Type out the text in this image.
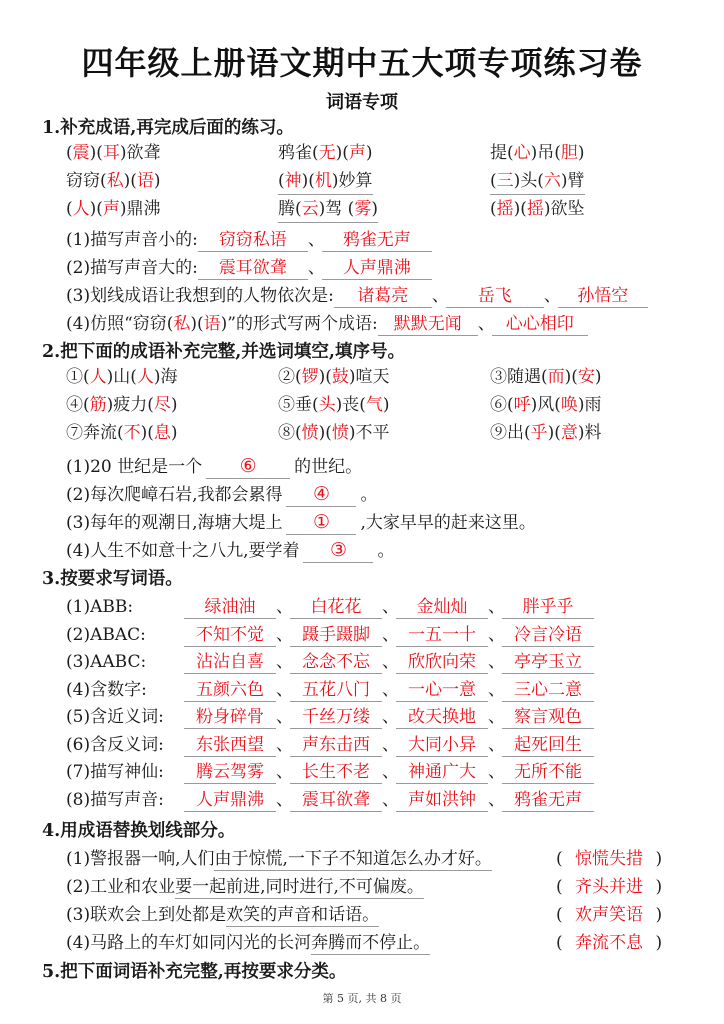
四年级上册语文期中五大项专项练习卷
词语专项
1.补充成语,再完成后面的练习。
(震)(耳)欲聋	鸦雀(无)(声)	提(心)吊(胆)
窃窃(私)(语)	(神)(机)妙算	(三)头(六)臂
(人)(声)鼎沸	腾(云)驾 (雾)	(摇)(摇)欲坠
(1)描写声音小的: 窃窃私语 、 鸦雀无声
(2)描写声音大的: 震耳欲聋 、 人声鼎沸
(3)划线成语让我想到的人物依次是: 诸葛亮 、 岳飞 、 孙悟空
(4)仿照“窃窃(私)(语)”的形式写两个成语: 默默无闻 、 心心相印
2.把下面的成语补充完整,并选词填空,填序号。
①(人)山(人)海	②(锣)(鼓)喧天	③随遇(而)(安)
④(筋)疲力(尽)	⑤垂(头)丧(气)	⑥(呼)风(唤)雨
⑦奔流(不)(息)	⑧(愤)(愤)不平	⑨出(乎)(意)料
(1)20 世纪是一个 ⑥ 的世纪。
(2)每次爬嶂石岩,我都会累得 ④ 。
(3)每年的观潮日,海塘大堤上 ① ,大家早早的赶来这里。
(4)人生不如意十之八九,要学着 ③ 。
3.按要求写词语。
(1)ABB:	绿油油 、 白花花 、 金灿灿 、 胖乎乎
(2)ABAC:	不知不觉 、 蹑手蹑脚 、 一五一十 、 冷言冷语
(3)AABC:	沾沾自喜 、 念念不忘 、 欣欣向荣 、 亭亭玉立
(4)含数字:	五颜六色 、 五花八门 、 一心一意 、 三心二意
(5)含近义词: 粉身碎骨 、 千丝万缕 、 改天换地 、 察言观色
(6)含反义词: 东张西望 、 声东击西 、 大同小异 、 起死回生
(7)描写神仙: 腾云驾雾 、 长生不老 、 神通广大 、 无所不能
(8)描写声音: 人声鼎沸 、 震耳欲聋 、 声如洪钟 、 鸦雀无声
4.用成语替换划线部分。
(1)警报器一响,人们由于惊慌,一下子不知道怎么办才好。	( 惊慌失措 )
(2)工业和农业要一起前进,同时进行,不可偏废。	( 齐头并进 )
(3)联欢会上到处都是欢笑的声音和话语。	( 欢声笑语 )
(4)马路上的车灯如同闪光的长河奔腾而不停止。	( 奔流不息 )
5.把下面词语补充完整,再按要求分类。
第 5 页, 共 8 页
